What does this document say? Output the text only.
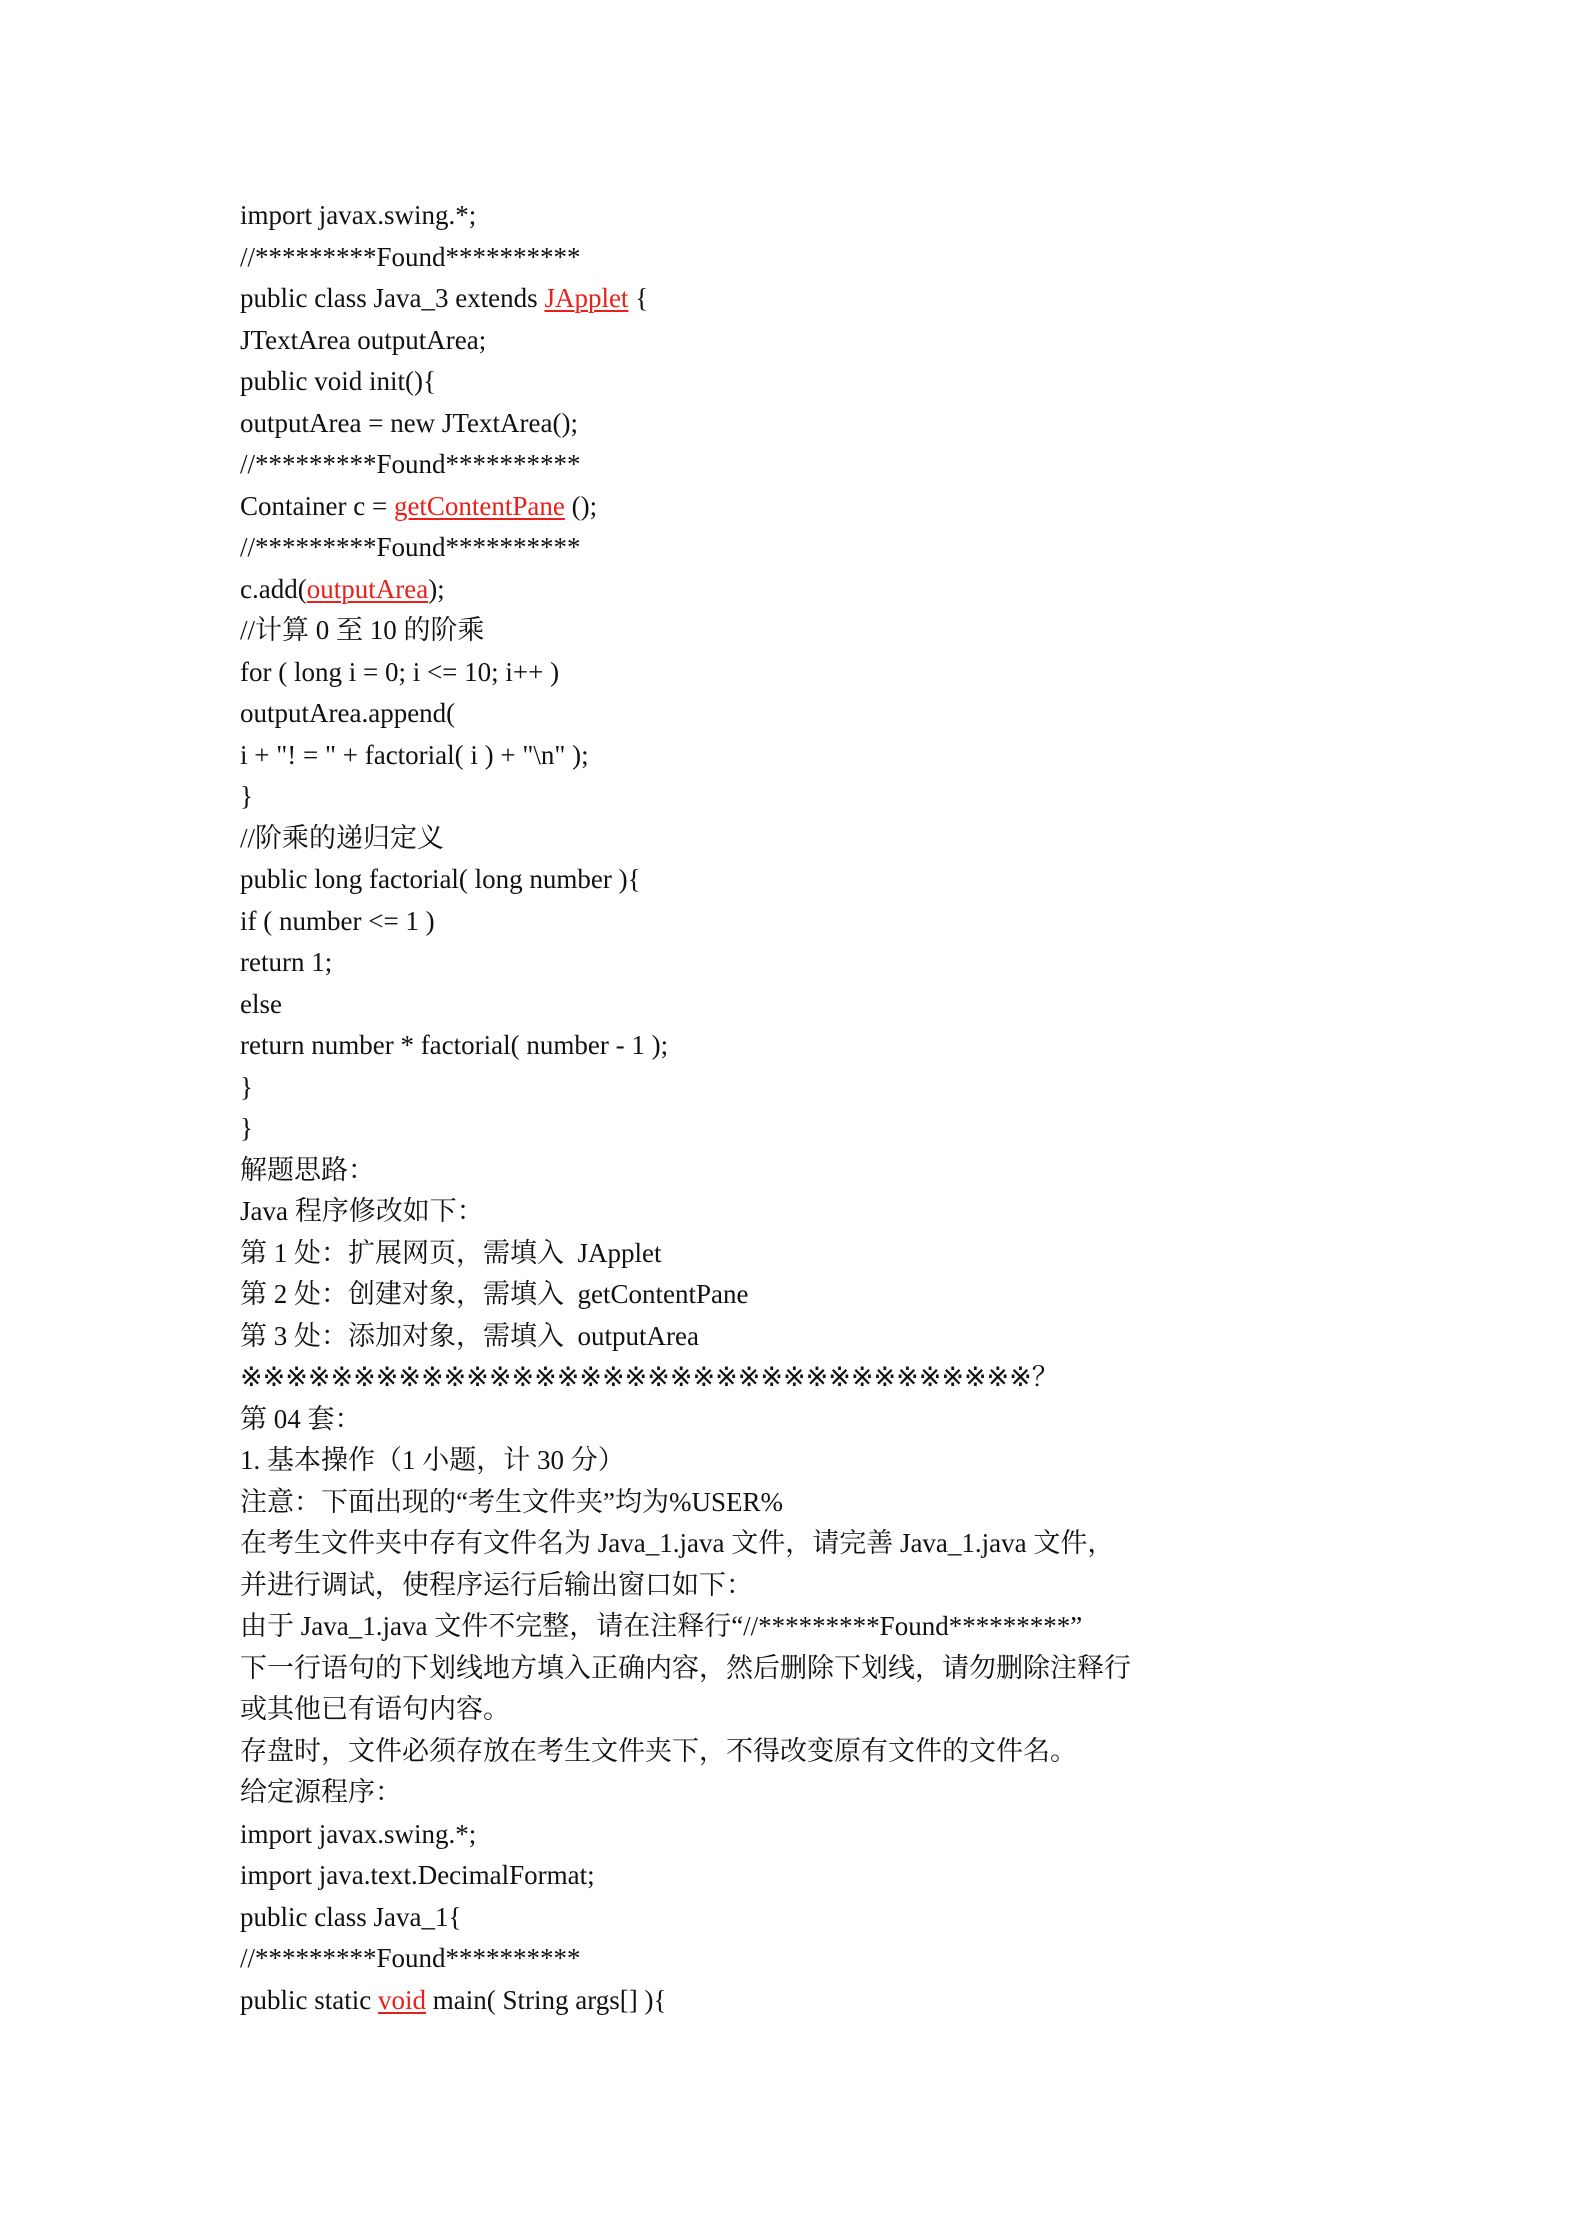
import javax.swing.*;
//*********Found**********
public class Java_3 extends JApplet {
JTextArea outputArea;
public void init(){
outputArea = new JTextArea();
//*********Found**********
Container c = getContentPane ();
//*********Found**********
c.add(outputArea);
//计算 0 至 10 的阶乘
for ( long i = 0; i <= 10; i++ )
outputArea.append(
i + "! = " + factorial( i ) + "\n" );
}
//阶乘的递归定义
public long factorial( long number ){
if ( number <= 1 )
return 1;
else
return number * factorial( number - 1 );
}
}
解题思路：
Java 程序修改如下：
第 1 处：扩展网页，需填入  JApplet
第 2 处：创建对象，需填入  getContentPane
第 3 处：添加对象，需填入  outputArea
※※※※※※※※※※※※※※※※※※※※※※※※※※※※※※※※※※※？
第 04 套：
1. 基本操作（1 小题，计 30 分）
注意：下面出现的“考生文件夹”均为%USER%
在考生文件夹中存有文件名为 Java_1.java 文件，请完善 Java_1.java 文件，
并进行调试，使程序运行后输出窗口如下：
由于 Java_1.java 文件不完整，请在注释行“//*********Found*********”
下一行语句的下划线地方填入正确内容，然后删除下划线，请勿删除注释行
或其他已有语句内容。
存盘时，文件必须存放在考生文件夹下，不得改变原有文件的文件名。
给定源程序：
import javax.swing.*;
import java.text.DecimalFormat;
public class Java_1{
//*********Found**********
public static void main( String args[] ){
